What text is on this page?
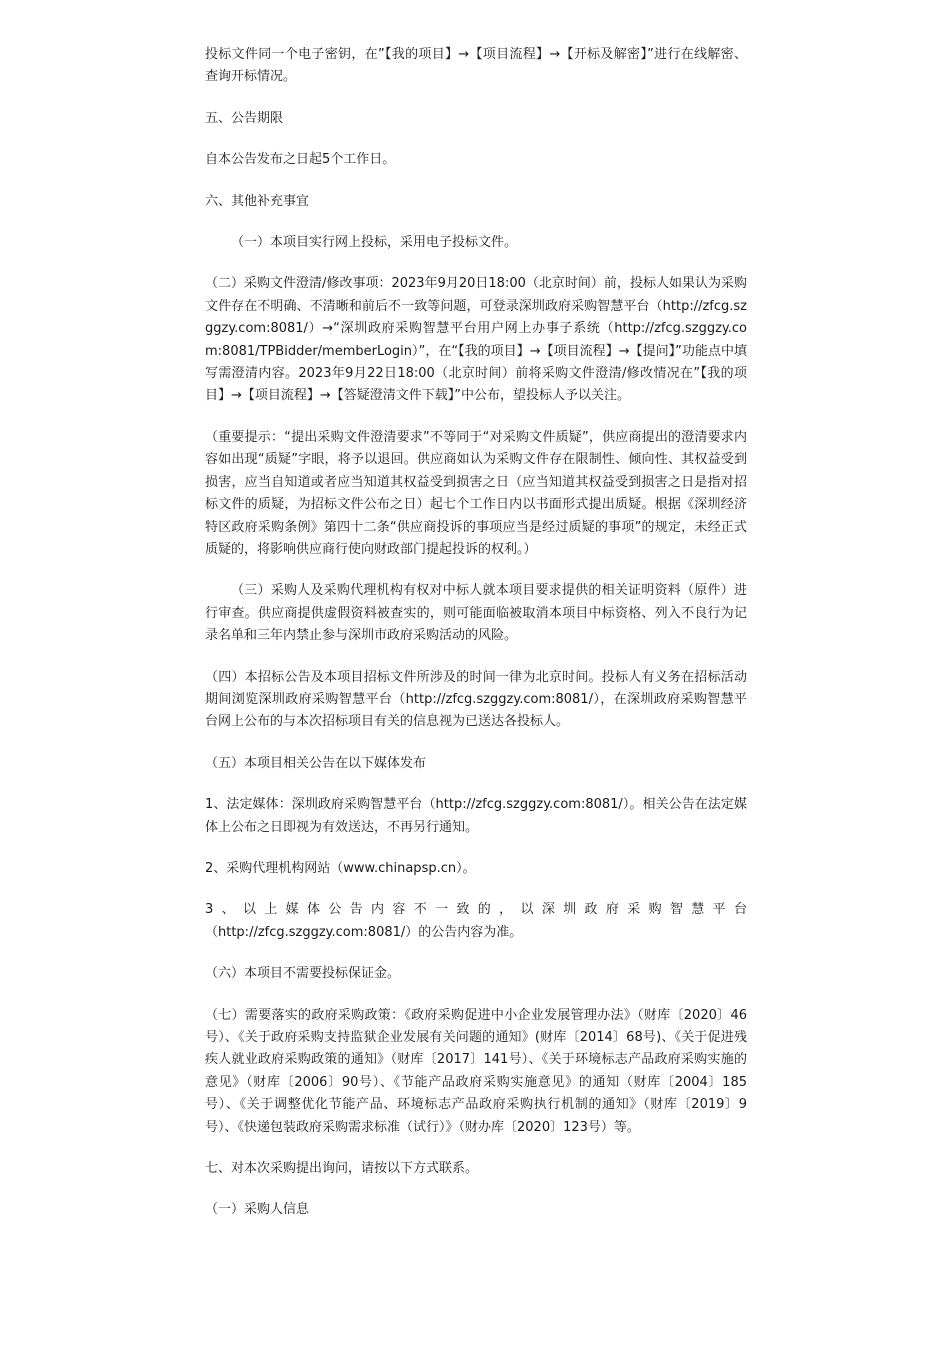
投标文件同一个电子密钥，在”【我的项目】→【项目流程】→【开标及解密】”进行在线解密、查询开标情况。

五、公告期限

自本公告发布之日起5个工作日。

六、其他补充事宜

（一）本项目实行网上投标，采用电子投标文件。

（二）采购文件澄清/修改事项：2023年9月20日18:00（北京时间）前，投标人如果认为采购文件存在不明确、不清晰和前后不一致等问题，可登录深圳政府采购智慧平台（http://zfcg.szggzy.com:8081/）→“深圳政府采购智慧平台用户网上办事子系统（http://zfcg.szggzy.com:8081/TPBidder/memberLogin）”，在“【我的项目】→【项目流程】→【提问】”功能点中填写需澄清内容。2023年9月22日18:00（北京时间）前将采购文件澄清/修改情况在”【我的项目】→【项目流程】→【答疑澄清文件下载】”中公布，望投标人予以关注。

（重要提示：“提出采购文件澄清要求”不等同于“对采购文件质疑”，供应商提出的澄清要求内容如出现“质疑”字眼，将予以退回。供应商如认为采购文件存在限制性、倾向性、其权益受到损害，应当自知道或者应当知道其权益受到损害之日（应当知道其权益受到损害之日是指对招标文件的质疑，为招标文件公布之日）起七个工作日内以书面形式提出质疑。根据《深圳经济特区政府采购条例》第四十二条“供应商投诉的事项应当是经过质疑的事项”的规定，未经正式质疑的，将影响供应商行使向财政部门提起投诉的权利。）

（三）采购人及采购代理机构有权对中标人就本项目要求提供的相关证明资料（原件）进行审查。供应商提供虚假资料被查实的，则可能面临被取消本项目中标资格、列入不良行为记录名单和三年内禁止参与深圳市政府采购活动的风险。

（四）本招标公告及本项目招标文件所涉及的时间一律为北京时间。投标人有义务在招标活动期间浏览深圳政府采购智慧平台（http://zfcg.szggzy.com:8081/），在深圳政府采购智慧平台网上公布的与本次招标项目有关的信息视为已送达各投标人。

（五）本项目相关公告在以下媒体发布

1、法定媒体：深圳政府采购智慧平台（http://zfcg.szggzy.com:8081/）。相关公告在法定媒体上公布之日即视为有效送达，不再另行通知。

2、采购代理机构网站（www.chinapsp.cn）。

3、以上媒体公告内容不一致的，以深圳政府采购智慧平台
（http://zfcg.szggzy.com:8081/）的公告内容为准。

（六）本项目不需要投标保证金。

（七）需要落实的政府采购政策：《政府采购促进中小企业发展管理办法》（财库〔2020〕46号）、《关于政府采购支持监狱企业发展有关问题的通知》(财库〔2014〕68号)、《关于促进残疾人就业政府采购政策的通知》（财库〔2017〕141号）、《关于环境标志产品政府采购实施的意见》（财库〔2006〕90号）、《节能产品政府采购实施意见》的通知（财库〔2004〕185号）、《关于调整优化节能产品、环境标志产品政府采购执行机制的通知》（财库〔2019〕9号）、《快递包装政府采购需求标准（试行）》（财办库〔2020〕123号）等。

七、对本次采购提出询问，请按以下方式联系。

（一）采购人信息
